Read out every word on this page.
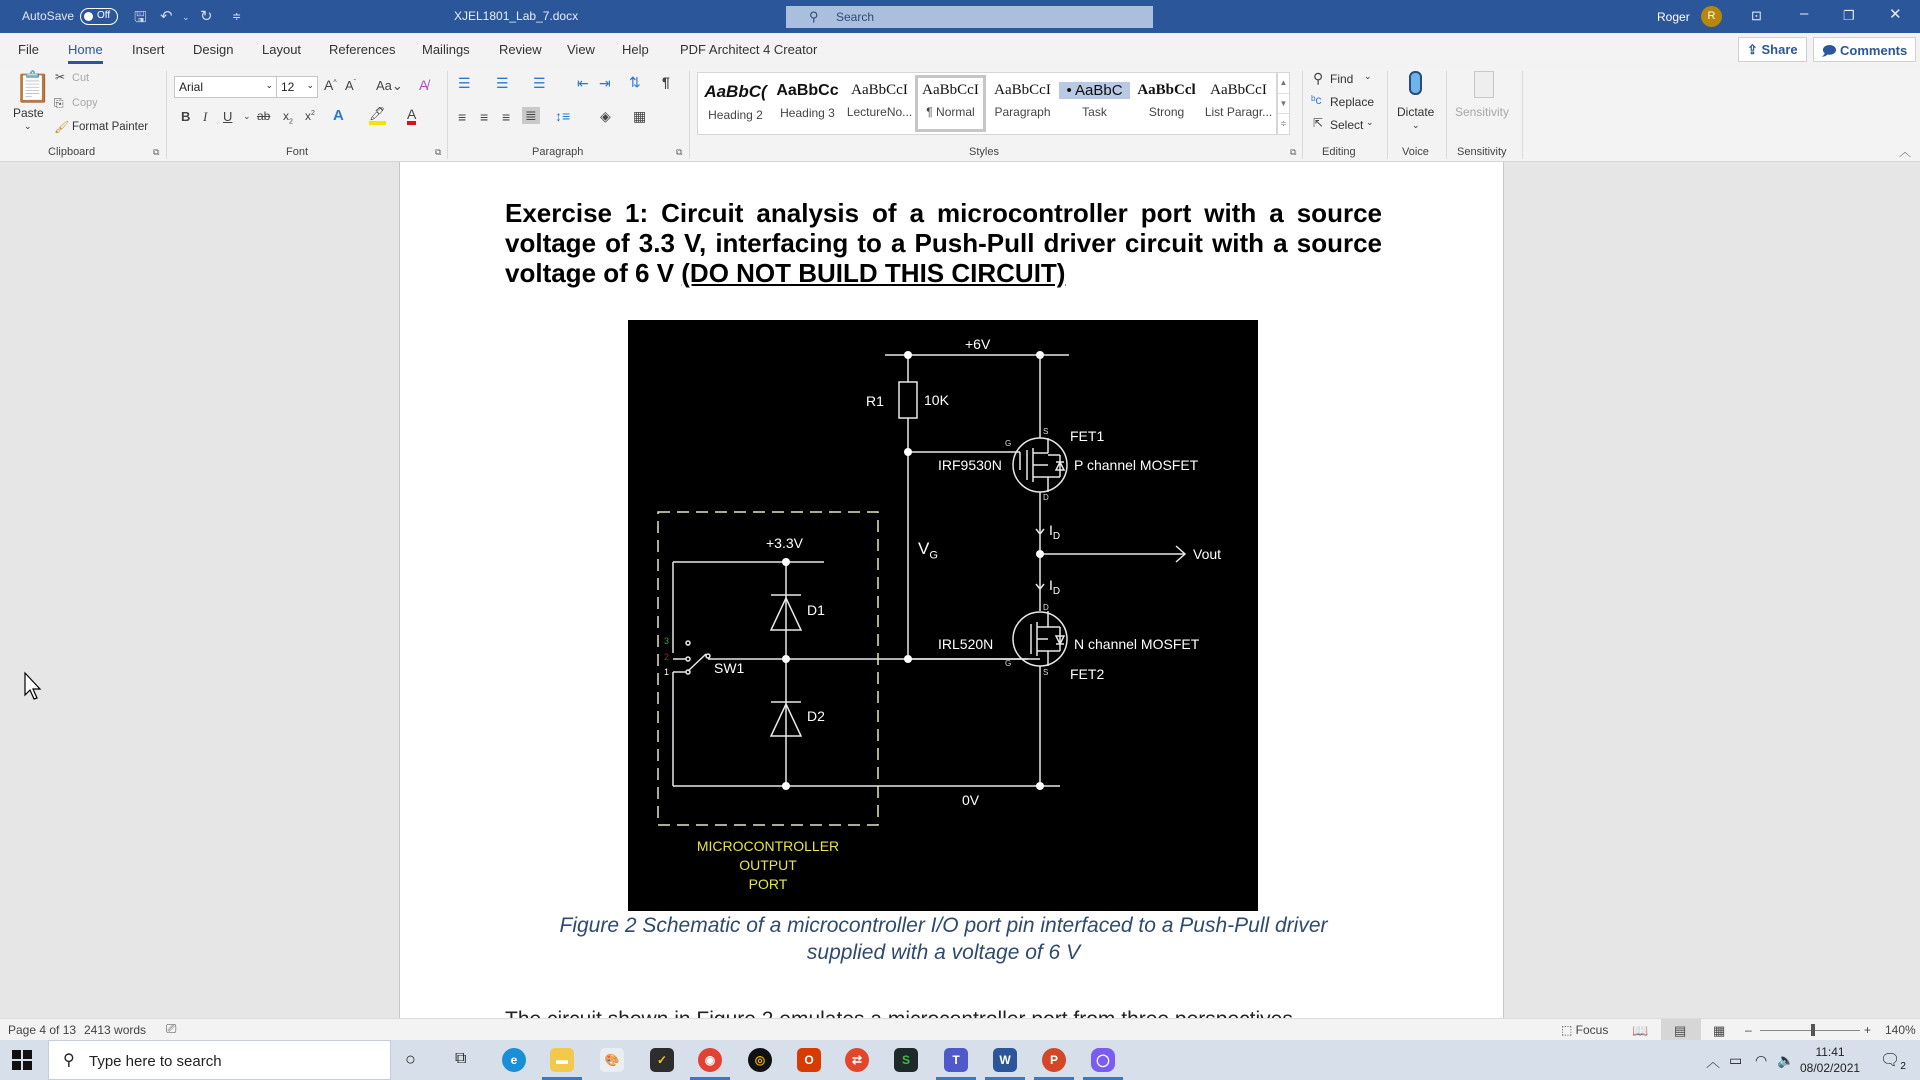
AutoSave Off 🖫 ↶ ⌄ ↻ ≑	XJEL1801_Lab_7.docx	⚲ Search	Roger	R	⊡	–	❐ ✕
File Home Insert Design Layout References Mailings Review View Help PDF Architect 4 Creator	⇪ Share	🗩 Comments
📋
Paste
⌄
✂ Cut
⎘ Copy
🖌 Format Painter
Clipboard	⧉
Arial	⌄ 12 ⌄ A^ $A^ˇ$ Aa⌄ A̸
B I U ⌄ ab $x_2$ $x^2$ A 🖊 A
Font	⧉
☰ ☰ ☰ ⇤ ⇥ ⇅ ¶
≡ ≡ ≡ ≣ ↕≡ ◈ ▦
Paragraph	⧉
AaBbC(
Heading 2
AaBbCc
Heading 3
AaBbCcI
LectureNo...
AaBbCcI
¶ Normal
AaBbCcI
Paragraph
• AaBbC
Task
AaBbCcl
Strong
AaBbCcI
List Paragr...
▲
▼
≑
Styles	⧉
⚲ Find ⌄
ᵇc Replace
⇱ Select ⌄
Editing
Dictate
⌄
Voice
Sensitivity
Sensitivity	︿
Exercise 1: Circuit analysis of a microcontroller port with a source voltage of 3.3 V, interfacing to a Push-Pull driver circuit with a source voltage of 6 V (DO NOT BUILD THIS CIRCUIT)
+6V
R1	10K
FET1
IRF9530N	P channel MOSFET
G
S
D
$V_G$
$I_D$
$I_D$
Vout
IRL520N	N channel MOSFET
FET2
G
S
D
+3.3V
D1
D2
SW1
3
2
1
0V
MICROCONTROLLER
OUTPUT
PORT
Figure 2 Schematic of a microcontroller I/O port pin interfaced to a Push-Pull driver
supplied with a voltage of 6 V
Page 4 of 13 2413 words ⎚	⬚ Focus 📖 ▤ ▦ –	+ 140%
⚲ Type here to search	○ ⧉	e	▬	🎨	✓	◉	◎	O	⇄	S	T	W	P	◯	︿ ▭ ◠ 🔈	11:41
08/02/2021 $🗨_2$
